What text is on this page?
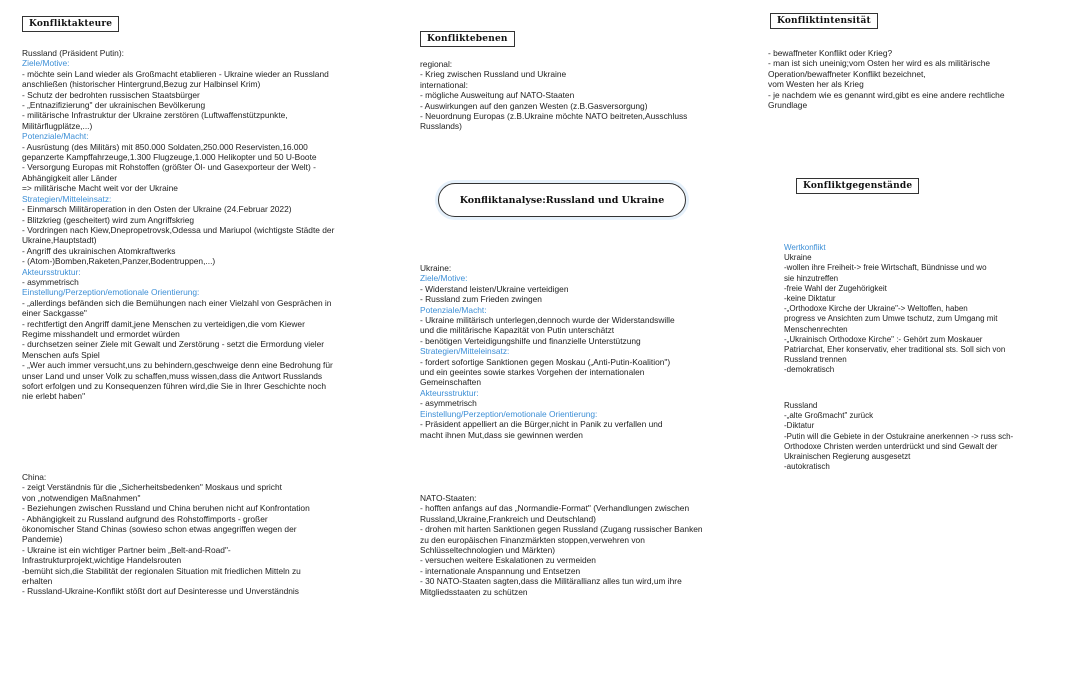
Konfliktakteure
Konfliktebenen
Konfliktintensität
Konfliktgegenstände
Konfliktanalyse:Russland und Ukraine
Russland (Präsident Putin):
Ziele/Motive:
- möchte sein Land wieder als Großmacht etablieren - Ukraine wieder an Russland
anschließen (historischer Hintergrund,Bezug zur Halbinsel Krim)
- Schutz der bedrohten russischen Staatsbürger
- „Entnazifizierung" der ukrainischen Bevölkerung
- militärische Infrastruktur der Ukraine zerstören (Luftwaffenstützpunkte,
Militärflugplätze,...)
Potenziale/Macht:
- Ausrüstung (des Militärs) mit 850.000 Soldaten,250.000 Reservisten,16.000
gepanzerte Kampffahrzeuge,1.300 Flugzeuge,1.000 Helikopter und 50 U-Boote
- Versorgung Europas mit Rohstoffen (größter Öl- und Gasexporteur der Welt) -
Abhängigkeit aller Länder
=> militärische Macht weit vor der Ukraine
Strategien/Mitteleinsatz:
- Einmarsch Militäroperation in den Osten der Ukraine (24.Februar 2022)
- Blitzkrieg (gescheitert) wird zum Angriffskrieg
- Vordringen nach Kiew,Dnepropetrovsk,Odessa und Mariupol (wichtigste Städte der
Ukraine,Hauptstadt)
- Angriff des ukrainischen Atomkraftwerks
- (Atom-)Bomben,Raketen,Panzer,Bodentruppen,...)
Akteursstruktur:
- asymmetrisch
Einstellung/Perzeption/emotionale Orientierung:
- „allerdings befänden sich die Bemühungen nach einer Vielzahl von Gesprächen in
einer Sackgasse"
- rechtfertigt den Angriff damit,jene Menschen zu verteidigen,die vom Kiewer
Regime misshandelt und ermordet würden
- durchsetzen seiner Ziele mit Gewalt und Zerstörung - setzt die Ermordung vieler
Menschen aufs Spiel
- „Wer auch immer versucht,uns zu behindern,geschweige denn eine Bedrohung für
unser Land und unser Volk zu schaffen,muss wissen,dass die Antwort Russlands
sofort erfolgen und zu Konsequenzen führen wird,die Sie in Ihrer Geschichte noch
nie erlebt haben"
China:
- zeigt Verständnis für die „Sicherheitsbedenken" Moskaus und spricht
von „notwendigen Maßnahmen"
- Beziehungen zwischen Russland und China beruhen nicht auf Konfrontation
- Abhängigkeit zu Russland aufgrund des Rohstoffimports - großer
ökonomischer Stand Chinas (sowieso schon etwas angegriffen wegen der
Pandemie)
- Ukraine ist ein wichtiger Partner beim „Belt-and-Road"-
Infrastrukturprojekt,wichtige Handelsrouten
-bemüht sich,die Stabilität der regionalen Situation mit friedlichen Mitteln zu
erhalten
- Russland-Ukraine-Konflikt stößt dort auf Desinteresse und Unverständnis
regional:
- Krieg zwischen Russland und Ukraine
international:
- mögliche Ausweitung auf NATO-Staaten
- Auswirkungen auf den ganzen Westen (z.B.Gasversorgung)
- Neuordnung Europas (z.B.Ukraine möchte NATO beitreten,Ausschluss
Russlands)
Ukraine:
Ziele/Motive:
- Widerstand leisten/Ukraine verteidigen
- Russland zum Frieden zwingen
Potenziale/Macht:
- Ukraine militärisch unterlegen,dennoch wurde der Widerstandswille
und die militärische Kapazität von Putin unterschätzt
- benötigen Verteidigungshilfe und finanzielle Unterstützung
Strategien/Mitteleinsatz:
- fordert sofortige Sanktionen gegen Moskau („Anti-Putin-Koalition")
und ein geeintes sowie starkes Vorgehen der internationalen
Gemeinschaften
Akteursstruktur:
- asymmetrisch
Einstellung/Perzeption/emotionale Orientierung:
- Präsident appelliert an die Bürger,nicht in Panik zu verfallen und
macht ihnen Mut,dass sie gewinnen werden
NATO-Staaten:
- hofften anfangs auf das „Normandie-Format" (Verhandlungen zwischen
Russland,Ukraine,Frankreich und Deutschland)
- drohen mit harten Sanktionen gegen Russland (Zugang russischer Banken
zu den europäischen Finanzmärkten stoppen,verwehren von
Schlüsseltechnologien und Märkten)
- versuchen weitere Eskalationen zu vermeiden
- internationale Anspannung und Entsetzen
- 30 NATO-Staaten sagten,dass die Militärallianz alles tun wird,um ihre
Mitgliedsstaaten zu schützen
- bewaffneter Konflikt oder Krieg?
- man ist sich uneinig;vom Osten her wird es als militärische
Operation/bewaffneter Konflikt bezeichnet,
vom Westen her als Krieg
- je nachdem wie es genannt wird,gibt es eine andere rechtliche
Grundlage
Wertkonflikt
Ukraine
-wollen ihre Freiheit-> freie Wirtschaft, Bündnisse und wo
sie hinzutreffen
-freie Wahl der Zugehörigkeit
-keine Diktatur
-„Orthodoxe Kirche der Ukraine"-> Weltoffen, haben
progress ve Ansichten zum Umwe tschutz, zum Umgang mit
Menschenrechten
-„Ukrainisch Orthodoxe Kirche" :- Gehört zum Moskauer
Patriarchat, Eher konservativ, eher traditional sts. Soll sich von
Russland trennen
-demokratisch
Russland
-„alte Großmacht" zurück
-Diktatur
-Putin will die Gebiete in der Ostukraine anerkennen -> russ sch-
Orthodoxe Christen werden unterdrückt und sind Gewalt der
Ukrainischen Regierung ausgesetzt
-autokratisch
